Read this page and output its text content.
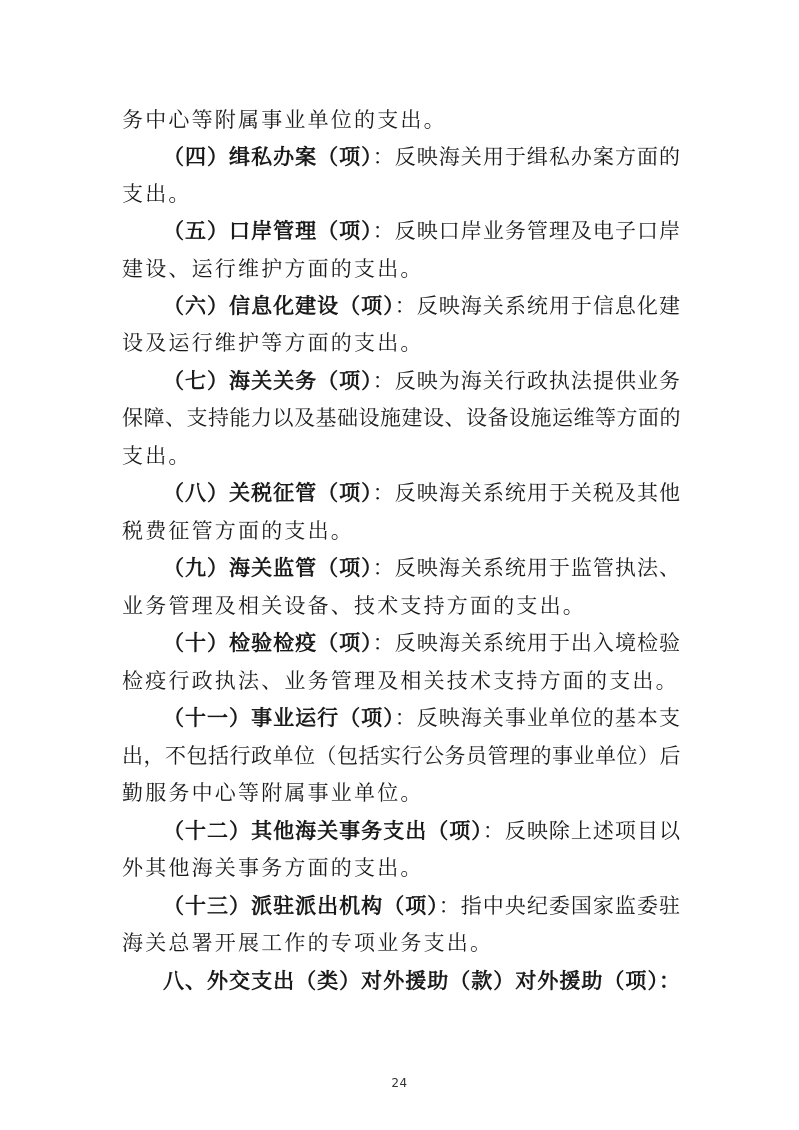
务中心等附属事业单位的支出。
（四）缉私办案（项）：反映海关用于缉私办案方面的
支出。
（五）口岸管理（项）：反映口岸业务管理及电子口岸
建设、运行维护方面的支出。
（六）信息化建设（项）：反映海关系统用于信息化建
设及运行维护等方面的支出。
（七）海关关务（项）：反映为海关行政执法提供业务
保障、支持能力以及基础设施建设、设备设施运维等方面的
支出。
（八）关税征管（项）：反映海关系统用于关税及其他
税费征管方面的支出。
（九）海关监管（项）：反映海关系统用于监管执法、
业务管理及相关设备、技术支持方面的支出。
（十）检验检疫（项）：反映海关系统用于出入境检验
检疫行政执法、业务管理及相关技术支持方面的支出。
（十一）事业运行（项）：反映海关事业单位的基本支
出，不包括行政单位（包括实行公务员管理的事业单位）后
勤服务中心等附属事业单位。
（十二）其他海关事务支出（项）：反映除上述项目以
外其他海关事务方面的支出。
（十三）派驻派出机构（项）：指中央纪委国家监委驻
海关总署开展工作的专项业务支出。
八、外交支出（类）对外援助（款）对外援助（项）：
24
